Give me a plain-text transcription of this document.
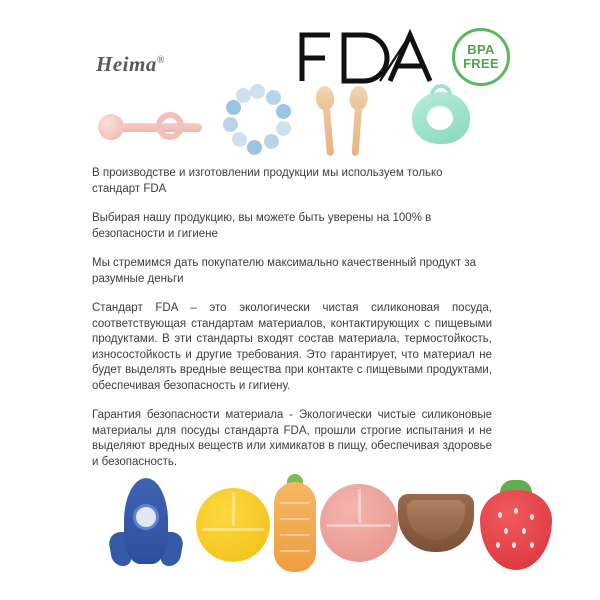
Heima®
BPA
FREE

В производстве и изготовлении продукции мы используем только стандарт FDA

Выбирая нашу продукцию, вы можете быть уверены на 100% в безопасности и гигиене

Мы стремимся дать покупателю максимально качественный продукт за разумные деньги

Стандарт FDA – это экологически чистая силиконовая посуда, соответствующая стандартам материалов, контактирующих с пищевыми продуктами. В эти стандарты входят состав материала, термостойкость, износостойкость и другие требования. Это гарантирует, что материал не будет выделять вредные вещества при контакте с пищевыми продуктами, обеспечивая безопасность и гигиену.

Гарантия безопасности материала - Экологически чистые силиконовые материалы для посуды стандарта FDA, прошли строгие испытания и не выделяют вредных веществ или химикатов в пищу, обеспечивая здоровье и безопасность.
